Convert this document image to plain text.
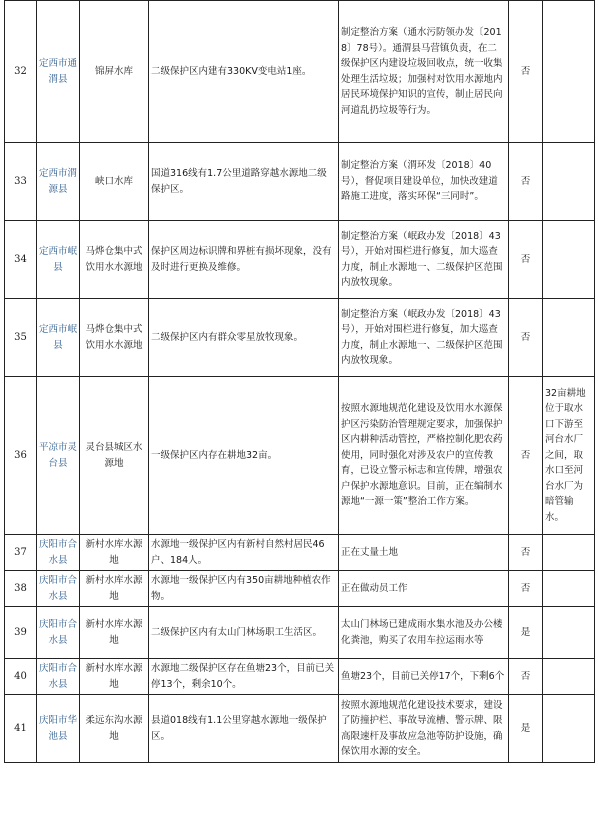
32	定西市通渭县	锦屏水库	二级保护区内建有330KV变电站1座。	制定整治方案（通水污防领办发〔2018〕78号）。通渭县马营镇负责，在二级保护区内建设垃圾回收点，统一收集处理生活垃圾；加强村对饮用水源地内居民环境保护知识的宣传，制止居民向河道乱扔垃圾等行为。	否	
33	定西市渭源县	峡口水库	国道316线有1.7公里道路穿越水源地二级保护区。	制定整治方案（渭环发〔2018〕40号），督促项目建设单位，加快改建道路施工进度，落实环保“三同时”。	否	
34	定西市岷县	马烨仓集中式饮用水水源地	保护区周边标识牌和界桩有损坏现象，没有及时进行更换及维修。	制定整治方案（岷政办发〔2018〕43号），开始对围栏进行修复，加大巡查力度，制止水源地一、二级保护区范围内放牧现象。	否	
35	定西市岷县	马烨仓集中式饮用水水源地	二级保护区内有群众零星放牧现象。	制定整治方案（岷政办发〔2018〕43号），开始对围栏进行修复，加大巡查力度，制止水源地一、二级保护区范围内放牧现象。	否	
36	平凉市灵台县	灵台县城区水源地	一级保护区内存在耕地32亩。	按照水源地规范化建设及饮用水水源保护区污染防治管理规定要求，加强保护区内耕种活动管控，严格控制化肥农药使用，同时强化对涉及农户的宣传教育，已设立警示标志和宣传牌，增强农户保护水源地意识。目前，正在编制水源地“一源一策”整治工作方案。	否	32亩耕地位于取水口下游至河台水厂之间，取水口至河台水厂为暗管输水。
37	庆阳市合水县	新村水库水源地	水源地一级保护区内有新村自然村居民46户、184人。	正在丈量土地	否	
38	庆阳市合水县	新村水库水源地	水源地一级保护区内有350亩耕地种植农作物。	正在做动员工作	否	
39	庆阳市合水县	新村水库水源地	二级保护区内有太山门林场职工生活区。	太山门林场已建成雨水集水池及办公楼化粪池，购买了农用车拉运雨水等	是	
40	庆阳市合水县	新村水库水源地	水源地二级保护区存在鱼塘23个，目前已关停13个，剩余10个。	鱼塘23个，目前已关停17个，下剩6个	否	
41	庆阳市华池县	柔远东沟水源地	县道018线有1.1公里穿越水源地一级保护区。	按照水源地规范化建设技术要求，建设了防撞护栏、事故导流槽、警示牌、限高限速杆及事故应急池等防护设施，确保饮用水源的安全。	是	
